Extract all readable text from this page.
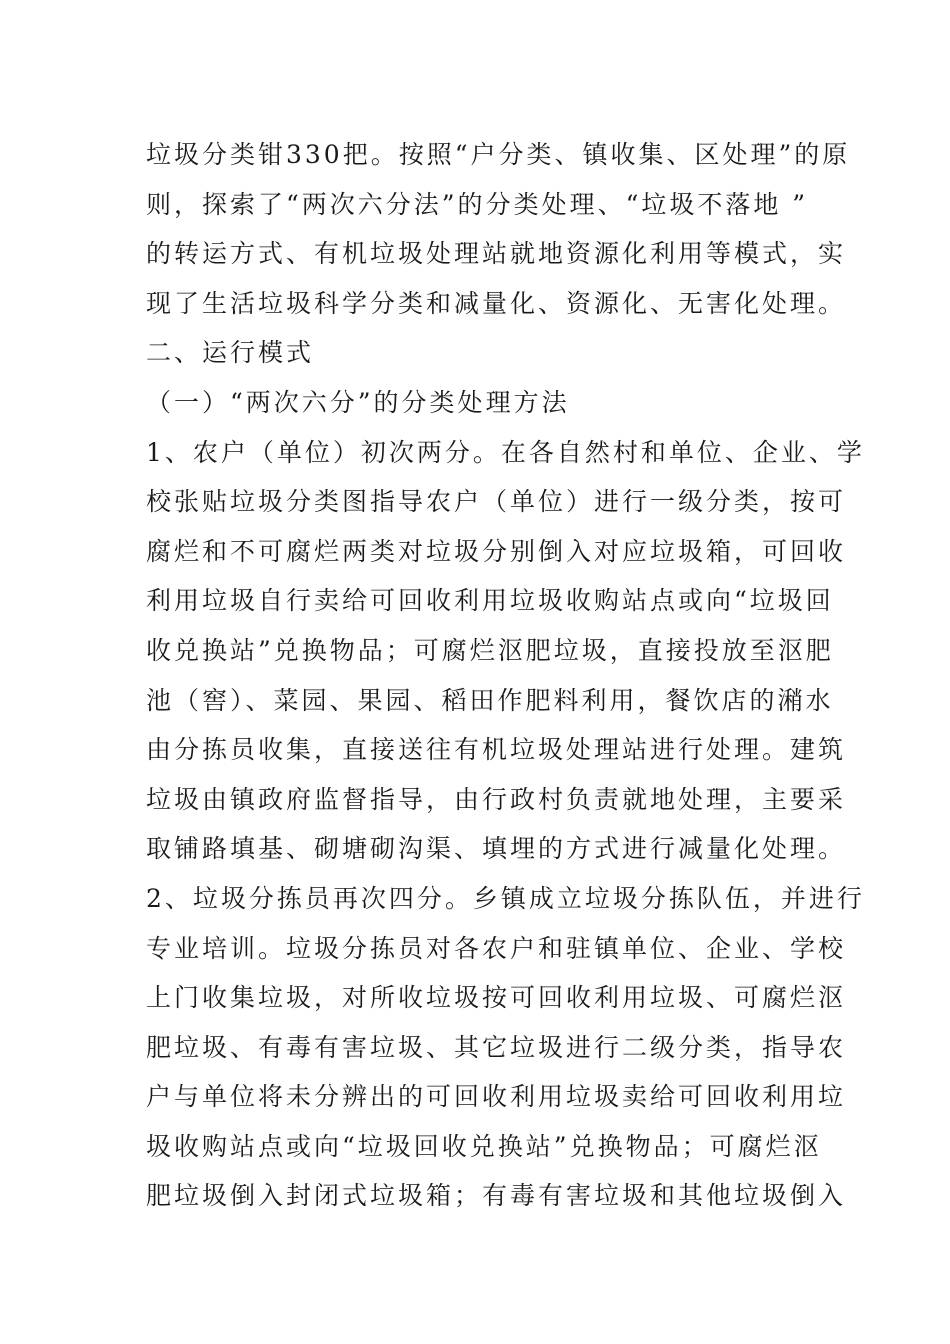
垃圾分类钳330把。按照“户分类、镇收集、区处理”的原
则，探索了“两次六分法”的分类处理、“垃圾不落地 ”
的转运方式、有机垃圾处理站就地资源化利用等模式，实
现了生活垃圾科学分类和减量化、资源化、无害化处理。
二、运行模式
（一）“两次六分”的分类处理方法
1、农户（单位）初次两分。在各自然村和单位、企业、学
校张贴垃圾分类图指导农户（单位）进行一级分类，按可
腐烂和不可腐烂两类对垃圾分别倒入对应垃圾箱，可回收
利用垃圾自行卖给可回收利用垃圾收购站点或向“垃圾回
收兑换站”兑换物品；可腐烂沤肥垃圾，直接投放至沤肥
池（窖）、菜园、果园、稻田作肥料利用，餐饮店的潲水
由分拣员收集，直接送往有机垃圾处理站进行处理。建筑
垃圾由镇政府监督指导，由行政村负责就地处理，主要采
取铺路填基、砌塘砌沟渠、填埋的方式进行减量化处理。
2、垃圾分拣员再次四分。乡镇成立垃圾分拣队伍，并进行
专业培训。垃圾分拣员对各农户和驻镇单位、企业、学校
上门收集垃圾，对所收垃圾按可回收利用垃圾、可腐烂沤
肥垃圾、有毒有害垃圾、其它垃圾进行二级分类，指导农
户与单位将未分辨出的可回收利用垃圾卖给可回收利用垃
圾收购站点或向“垃圾回收兑换站”兑换物品；可腐烂沤
肥垃圾倒入封闭式垃圾箱；有毒有害垃圾和其他垃圾倒入
